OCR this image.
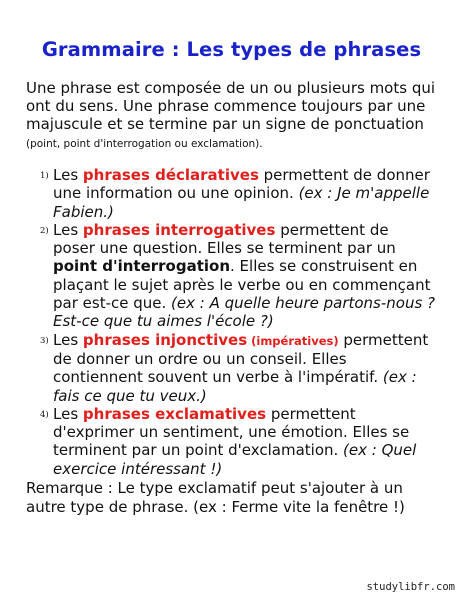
Grammaire : Les types de phrases
Une phrase est composée de un ou plusieurs mots qui ont du sens. Une phrase commence toujours par une majuscule et se termine par un signe de ponctuation (point, point d'interrogation ou exclamation).
1) Les phrases déclaratives permettent de donner une information ou une opinion. (ex : Je m'appelle Fabien.)
2) Les phrases interrogatives permettent de poser une question. Elles se terminent par un point d'interrogation. Elles se construisent en plaçant le sujet après le verbe ou en commençant par est-ce que. (ex : A quelle heure partons-nous ? Est-ce que tu aimes l'école ?)
3) Les phrases injonctives (impératives) permettent de donner un ordre ou un conseil. Elles contiennent souvent un verbe à l'impératif. (ex : fais ce que tu veux.)
4) Les phrases exclamatives permettent d'exprimer un sentiment, une émotion. Elles se terminent par un point d'exclamation. (ex : Quel exercice intéressant !)
Remarque : Le type exclamatif peut s'ajouter à un autre type de phrase. (ex : Ferme vite la fenêtre !)
studylibfr.com
